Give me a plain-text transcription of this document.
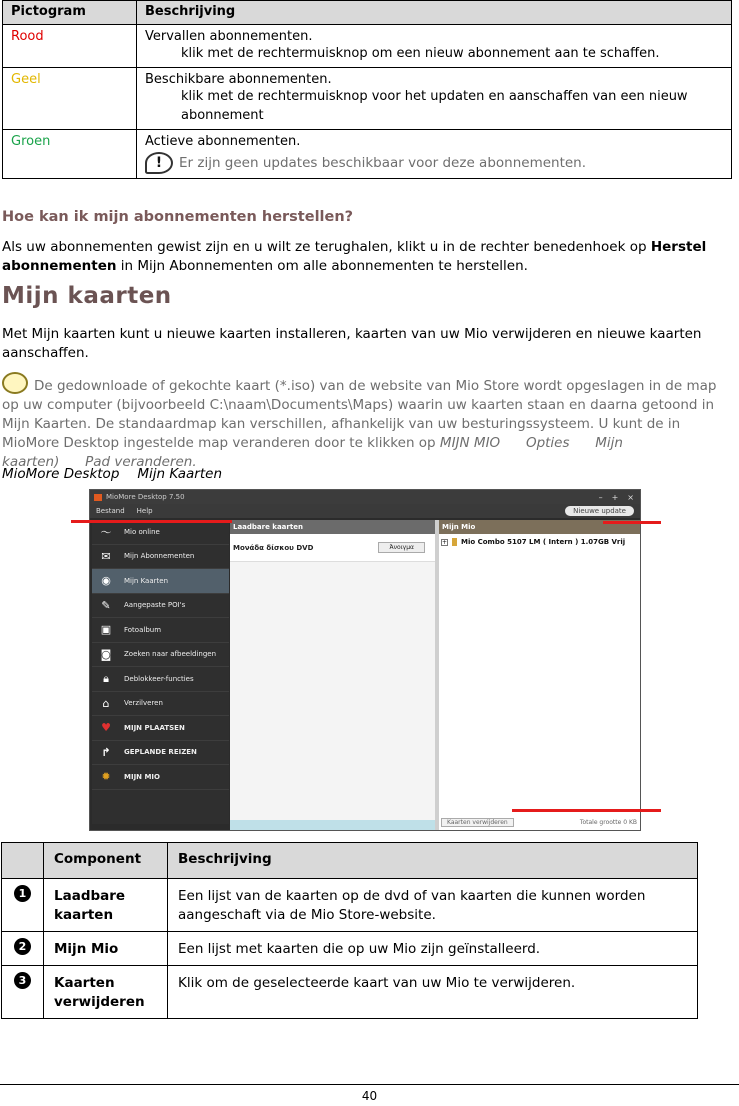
Pictogram	Beschrijving
Rood	Vervallen abonnementen.
klik met de rechtermuisknop om een nieuw abonnement aan te schaffen.

Geel	Beschikbare abonnementen.
klik met de rechtermuisknop voor het updaten en aanschaffen van een nieuw abonnement

Groen	Actieve abonnementen.
! Er zijn geen updates beschikbaar voor deze abonnementen.
Hoe kan ik mijn abonnementen herstellen?

Als uw abonnementen gewist zijn en u wilt ze terughalen, klikt u in de rechter benedenhoek op Herstel abonnementen in Mijn Abonnementen om alle abonnementen te herstellen.

Mijn kaarten

Met Mijn kaarten kunt u nieuwe kaarten installeren, kaarten van uw Mio verwijderen en nieuwe kaarten aanschaffen.

De gedownloade of gekochte kaart (*.iso) van de website van Mio Store wordt opgeslagen in de map op uw computer (bijvoorbeeld C:\naam\Documents\Maps) waarin uw kaarten staan en daarna getoond in Mijn Kaarten. De standaardmap kan verschillen, afhankelijk van uw besturingssysteem. U kunt de in MioMore Desktop ingestelde map veranderen door te klikken op MIJN MIO Opties Mijn kaarten) Pad veranderen.

MioMore Desktop Mijn Kaarten

MioMore Desktop 7.50	– + ×
Bestand Help	Nieuwe update
〜	Mio online
✉	Mijn Abonnementen
◉	Mijn Kaarten
✎	Aangepaste POI's
▣	Fotoalbum
◙	Zoeken naar afbeeldingen
🔒︎	Deblokkeer-functies
⌂	Verzilveren
♥	MIJN PLAATSEN
↱	GEPLANDE REIZEN
✹	MIJN MIO
Laadbare kaarten
Μονάδα δίσκου DVD	Άνοιγμα
Mijn Mio
+ Mio Combo 5107 LM ( Intern ) 1.07GB Vrij
Kaarten verwijderen	Totale grootte 0 KB
	Component	Beschrijving
1	Laadbare kaarten	Een lijst van de kaarten op de dvd of van kaarten die kunnen worden aangeschaft via de Mio Store-website.
2	Mijn Mio	Een lijst met kaarten die op uw Mio zijn geïnstalleerd.
3	Kaarten verwijderen	Klik om de geselecteerde kaart van uw Mio te verwijderen.
40
